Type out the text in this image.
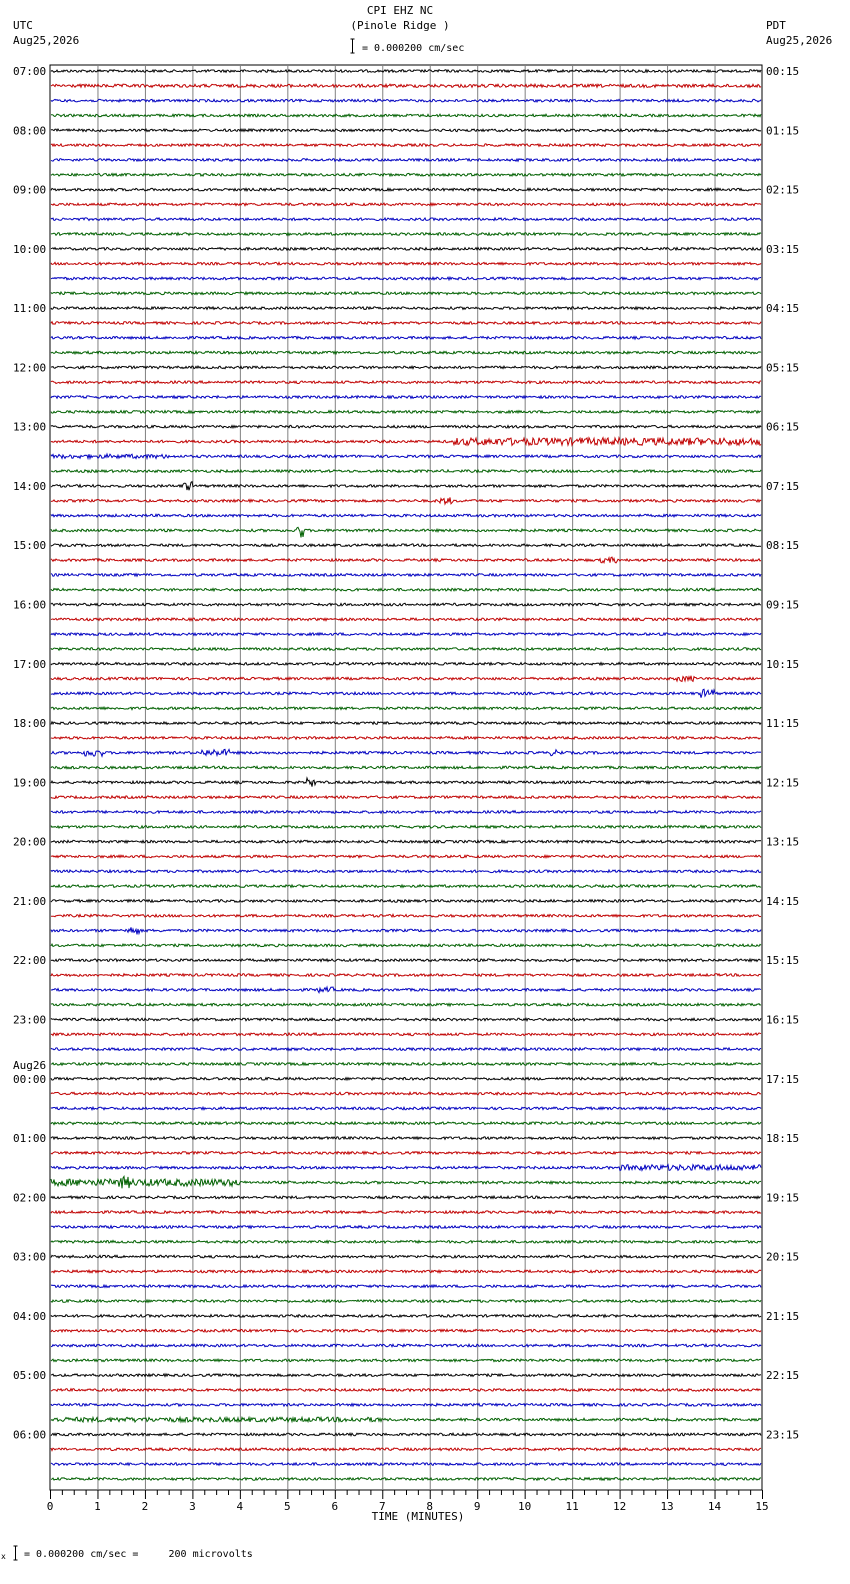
CPI EHZ NC
(Pinole Ridge )
UTC
Aug25,2026
PDT
Aug25,2026
= 0.000200 cm/sec
x = 0.000200 cm/sec =     200 microvolts
07:00
08:00
09:00
10:00
11:00
12:00
13:00
14:00
15:00
16:00
17:00
18:00
19:00
20:00
21:00
22:00
23:00
00:00
Aug26
01:00
02:00
03:00
04:00
05:00
06:00
00:15
01:15
02:15
03:15
04:15
05:15
06:15
07:15
08:15
09:15
10:15
11:15
12:15
13:15
14:15
15:15
16:15
17:15
18:15
19:15
20:15
21:15
22:15
23:15
0	1	2	3	4	5	6	7	8	9	10	11	12	13	14	15
TIME (MINUTES)
